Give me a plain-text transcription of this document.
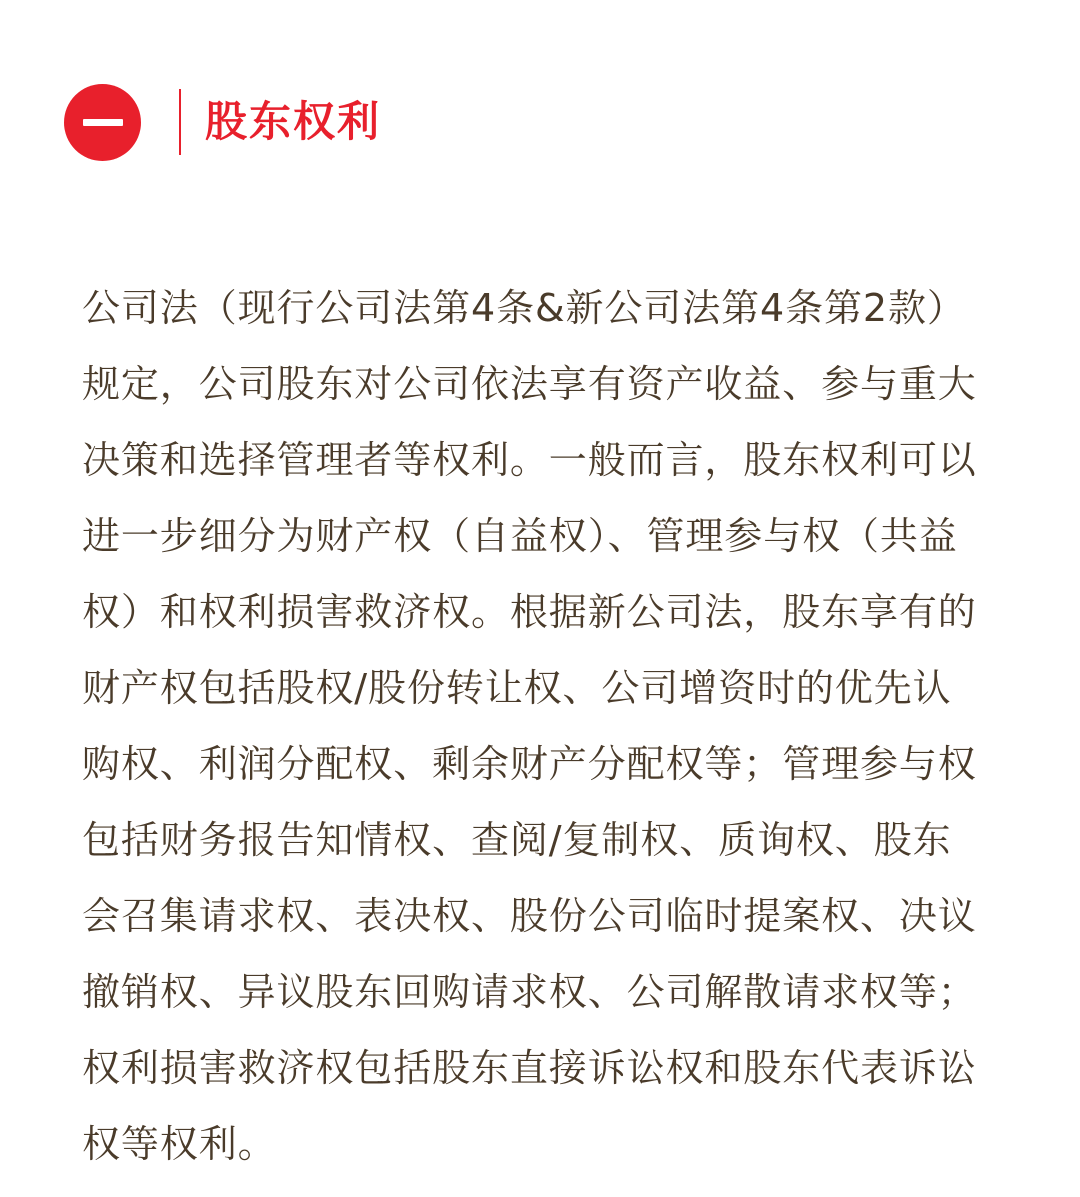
股东权利

公司法（现行公司法第4条&新公司法第4条第2款）
规定，公司股东对公司依法享有资产收益、参与重大
决策和选择管理者等权利。一般而言，股东权利可以
进一步细分为财产权（自益权）、管理参与权（共益
权）和权利损害救济权。根据新公司法，股东享有的
财产权包括股权/股份转让权、公司增资时的优先认
购权、利润分配权、剩余财产分配权等；管理参与权
包括财务报告知情权、查阅/复制权、质询权、股东
会召集请求权、表决权、股份公司临时提案权、决议
撤销权、异议股东回购请求权、公司解散请求权等；
权利损害救济权包括股东直接诉讼权和股东代表诉讼
权等权利。
